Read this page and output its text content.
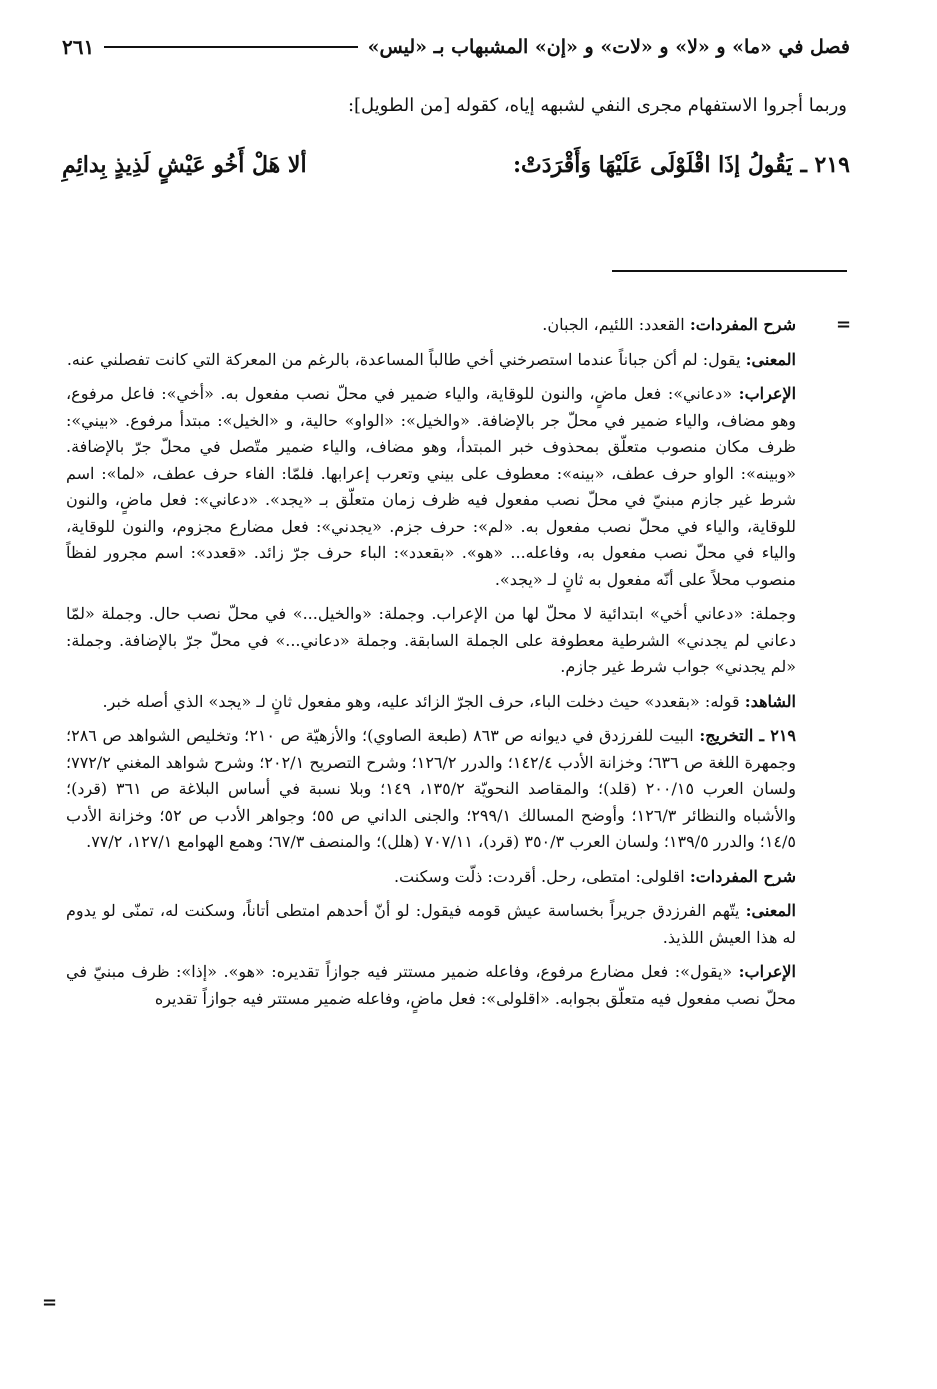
فصل في «ما» و «لا» و «لات» و «إن» المشبهاب بـ «ليس»
٢٦١
وربما أجروا الاستفهام مجرى النفي لشبهه إياه، كقوله [من الطويل]:
٢١٩ ـ
يَقُولُ إذَا اقْلَوْلَى عَلَيْهَا وَأَقْرَدَتْ:
ألا هَلْ أَخُو عَيْشٍ لَذِيذٍ بِدائِمِ
=

شرح المفردات: القعدد: اللئيم، الجبان.

المعنى: يقول: لم أكن جباناً عندما استصرخني أخي طالباً المساعدة، بالرغم من المعركة التي كانت تفصلني عنه.

الإعراب: «دعاني»: فعل ماضٍ، والنون للوقاية، والياء ضمير في محلّ نصب مفعول به. «أخي»: فاعل مرفوع، وهو مضاف، والياء ضمير في محلّ جر بالإضافة. «والخيل»: «الواو» حالية، و «الخيل»: مبتدأ مرفوع. «بيني»: ظرف مكان منصوب متعلّق بمحذوف خبر المبتدأ، وهو مضاف، والياء ضمير متّصل في محلّ جرّ بالإضافة. «وبينه»: الواو حرف عطف، «بينه»: معطوف على بيني وتعرب إعرابها. فلمّا: الفاء حرف عطف، «لما»: اسم شرط غير جازم مبنيّ في محلّ نصب مفعول فيه ظرف زمان متعلّق بـ «يجد». «دعاني»: فعل ماضٍ، والنون للوقاية، والياء في محلّ نصب مفعول به. «لم»: حرف جزم. «يجدني»: فعل مضارع مجزوم، والنون للوقاية، والياء في محلّ نصب مفعول به، وفاعله... «هو». «بقعدد»: الباء حرف جرّ زائد. «قعدد»: اسم مجرور لفظاً منصوب محلاً على أنّه مفعول به ثانٍ لـ «يجد».

وجملة: «دعاني أخي» ابتدائية لا محلّ لها من الإعراب. وجملة: «والخيل...» في محلّ نصب حال. وجملة «لمّا دعاني لم يجدني» الشرطية معطوفة على الجملة السابقة. وجملة «دعاني...» في محلّ جرّ بالإضافة. وجملة: «لم يجدني» جواب شرط غير جازم.

الشاهد: قوله: «بقعدد» حيث دخلت الباء، حرف الجرّ الزائد عليه، وهو مفعول ثانٍ لـ «يجد» الذي أصله خبر.

٢١٩ ـ التخريج: البيت للفرزدق في ديوانه ص ٨٦٣ (طبعة الصاوي)؛ والأزهيّة ص ٢١٠؛ وتخليص الشواهد ص ٢٨٦؛ وجمهرة اللغة ص ٦٣٦؛ وخزانة الأدب ١٤٢/٤؛ والدرر ١٢٦/٢؛ وشرح التصريح ٢٠٢/١؛ وشرح شواهد المغني ٧٧٢/٢؛ ولسان العرب ٢٠٠/١٥ (قلد)؛ والمقاصد النحويّة ١٣٥/٢، ١٤٩؛ وبلا نسبة في أساس البلاغة ص ٣٦١ (قرد)؛ والأشباه والنظائر ١٢٦/٣؛ وأوضح المسالك ٢٩٩/١؛ والجنى الداني ص ٥٥؛ وجواهر الأدب ص ٥٢؛ وخزانة الأدب ١٤/٥؛ والدرر ١٣٩/٥؛ ولسان العرب ٣٥٠/٣ (قرد)، ٧٠٧/١١ (هلل)؛ والمنصف ٦٧/٣؛ وهمع الهوامع ١٢٧/١، ٧٧/٢.

شرح المفردات: اقلولى: امتطى، رحل. أقردت: ذلّت وسكنت.

المعنى: يتّهم الفرزدق جريراً بخساسة عيش قومه فيقول: لو أنّ أحدهم امتطى أتاناً، وسكنت له، تمنّى لو يدوم له هذا العيش اللذيذ.

الإعراب: «يقول»: فعل مضارع مرفوع، وفاعله ضمير مستتر فيه جوازاً تقديره: «هو». «إذا»: ظرف مبنيّ في محلّ نصب مفعول فيه متعلّق بجوابه. «اقلولى»: فعل ماضٍ، وفاعله ضمير مستتر فيه جوازاً تقديره

=
